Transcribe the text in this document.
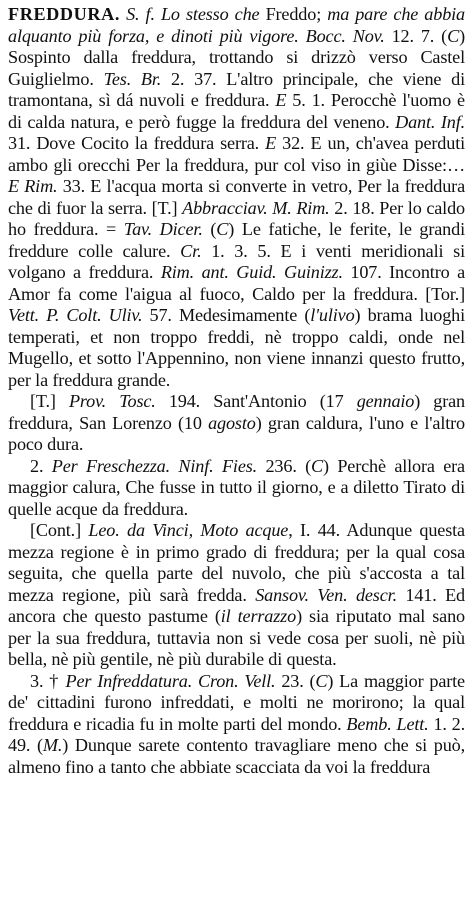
FREDDURA. S. f. Lo stesso che Freddo; ma pare che abbia alquanto più forza, e dinoti più vigore. Bocc. Nov. 12. 7. (C) Sospinto dalla freddura, trottando si drizzò verso Castel Guiglielmo. Tes. Br. 2. 37. L'altro principale, che viene di tramontana, sì dá nuvoli e freddura. E 5. 1. Perocchè l'uomo è di calda natura, e però fugge la freddura del veneno. Dant. Inf. 31. Dove Cocito la freddura serra. E 32. E un, ch'avea perduti ambo gli orecchi Per la freddura, pur col viso in giùe Disse:… E Rim. 33. E l'acqua morta si converte in vetro, Per la freddura che di fuor la serra. [T.] Abbracciav. M. Rim. 2. 18. Per lo caldo ho freddura. = Tav. Dicer. (C) Le fatiche, le ferite, le grandi freddure colle calure. Cr. 1. 3. 5. E i venti meridionali si volgano a freddura. Rim. ant. Guid. Guinizz. 107. Incontro a Amor fa come l'aigua al fuoco, Caldo per la freddura. [Tor.] Vett. P. Colt. Uliv. 57. Medesimamente (l'ulivo) brama luoghi temperati, et non troppo freddi, nè troppo caldi, onde nel Mugello, et sotto l'Appennino, non viene innanzi questo frutto, per la freddura grande.

[T.] Prov. Tosc. 194. Sant'Antonio (17 gennaio) gran freddura, San Lorenzo (10 agosto) gran caldura, l'uno e l'altro poco dura.

2. Per Freschezza. Ninf. Fies. 236. (C) Perchè allora era maggior calura, Che fusse in tutto il giorno, e a diletto Tirato di quelle acque da freddura.

[Cont.] Leo. da Vinci, Moto acque, I. 44. Adunque questa mezza regione è in primo grado di freddura; per la qual cosa seguita, che quella parte del nuvolo, che più s'accosta a tal mezza regione, più sarà fredda. Sansov. Ven. descr. 141. Ed ancora che questo pastume (il terrazzo) sia riputato mal sano per la sua freddura, tuttavia non si vede cosa per suoli, nè più bella, nè più gentile, nè più durabile di questa.

3. † Per Infreddatura. Cron. Vell. 23. (C) La maggior parte de' cittadini furono infreddati, e molti ne morirono; la qual freddura e ricadia fu in molte parti del mondo. Bemb. Lett. 1. 2. 49. (M.) Dunque sarete contento travagliare meno che si può, almeno fino a tanto che abbiate scacciata da voi la freddura
